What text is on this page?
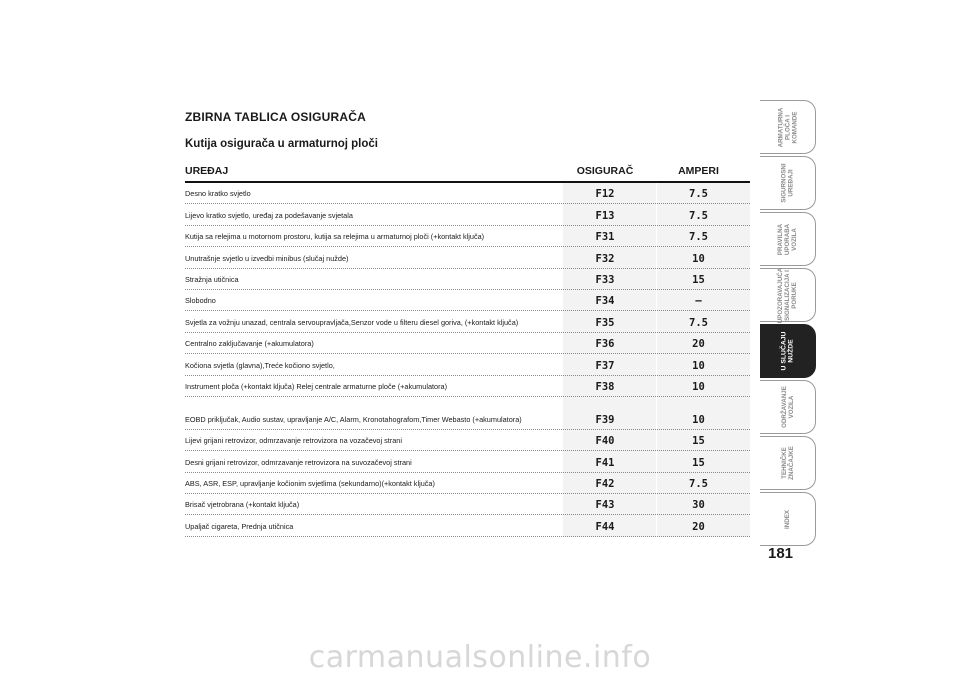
ZBIRNA TABLICA OSIGURAČA
Kutija osigurača u armaturnoj ploči
UREĐAJ	OSIGURAČ	AMPERI
Desno kratko svjetlo	F12	7.5
Lijevo kratko svjetlo, uređaj za podešavanje svjetala	F13	7.5
Kutija sa relejima u motornom prostoru, kutija sa relejima u armaturnoj ploči (+kontakt ključa)	F31	7.5
Unutrašnje svjetlo u izvedbi minibus (slučaj nužde)	F32	10
Stražnja utičnica	F33	15
Slobodno	F34	–
Svjetla za vožnju unazad, centrala servoupravljača,Senzor vode u filteru diesel goriva, (+kontakt ključa)	F35	7.5
Centralno zaključavanje (+akumulatora)	F36	20
Kočiona svjetla (glavna),Treće kočiono svjetlo,	F37	10
Instrument ploča (+kontakt ključa) Relej centrale armaturne ploče (+akumulatora)	F38	10
EOBD priključak, Audio sustav, upravljanje A/C, Alarm, Kronotahografom,Timer Webasto (+akumulatora)	F39	10
Lijevi grijani retrovizor, odmrzavanje retrovizora na vozačevoj strani	F40	15
Desni grijani retrovizor, odmrzavanje retrovizora na suvozačevoj strani	F41	15
ABS, ASR, ESP, upravljanje kočionim svjetlima (sekundarno)(+kontakt ključa)	F42	7.5
Brisač vjetrobrana (+kontakt ključa)	F43	30
Upaljač cigareta, Prednja utičnica	F44	20
ARMATURNA
PLOČA I
KOMANDE
SIGURNOSNI
UREĐAJI
PRAVILNA
UPORABA
VOZILA
UPOZORAVAJUĆA
SIGNALIZACIJA I
PORUKE
U SLUČAJU
NUŽDE
ODRŽAVANJE
VOZILA
TEHNIČKE
ZNAČAJKE
INDEX
181
carmanualsonline.info
